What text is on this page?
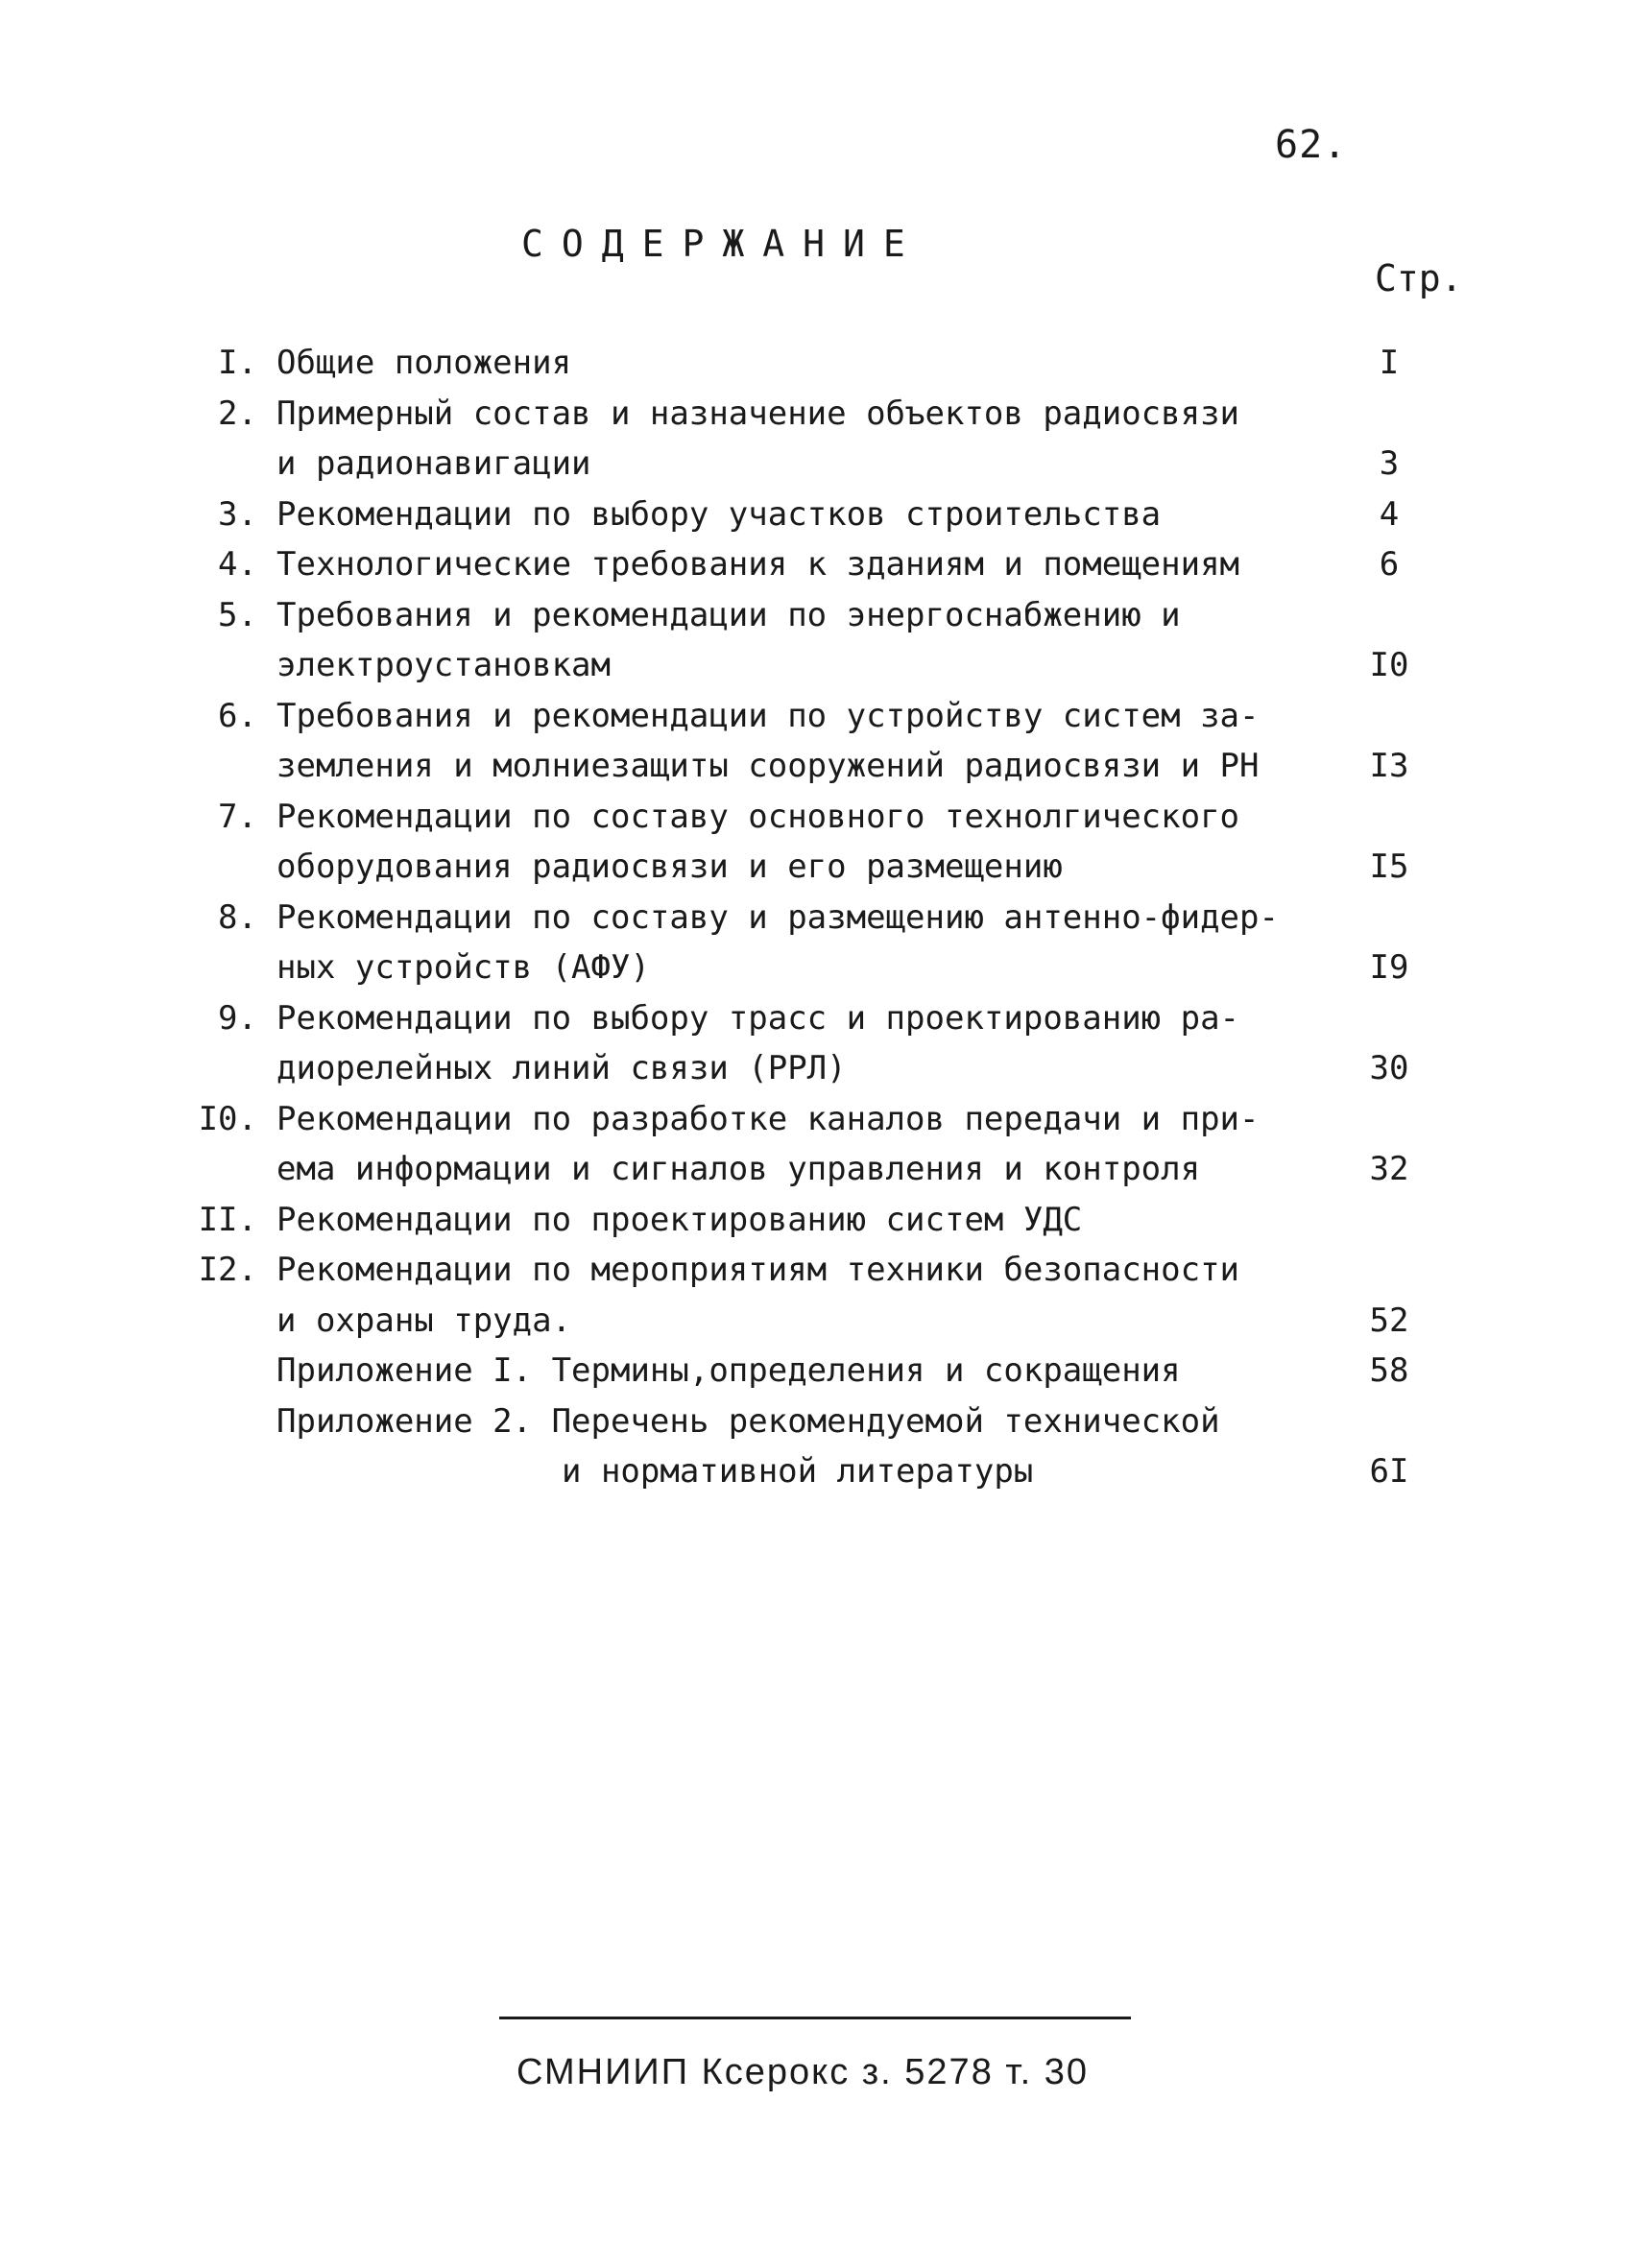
62.
СОДЕРЖАНИЕ
Стр.
I. Общие положения	I
2. Примерный состав и назначение объектов радиосвязи
и радионавигации	3
3. Рекомендации по выбору участков строительства	4
4. Технологические требования к зданиям и помещениям	6
5. Требования и рекомендации по энергоснабжению и
электроустановкам	I0
6. Требования и рекомендации по устройству систем за-
земления и молниезащиты сооружений радиосвязи и РН	I3
7. Рекомендации по составу основного технолгического
оборудования радиосвязи и его размещению	I5
8. Рекомендации по составу и размещению антенно-фидер-
ных устройств (АФУ)	I9
9. Рекомендации по выбору трасс и проектированию ра-
диорелейных линий связи (РРЛ)	30
I0. Рекомендации по разработке каналов передачи и при-
ема информации и сигналов управления и контроля	32
II. Рекомендации по проектированию систем УДС
I2. Рекомендации по мероприятиям техники безопасности
и охраны труда.	52
Приложение I. Термины,определения и сокращения	58
Приложение 2. Перечень рекомендуемой технической
и нормативной литературы	6I
СМНИИП Ксерокс з. 5278 т. 30
